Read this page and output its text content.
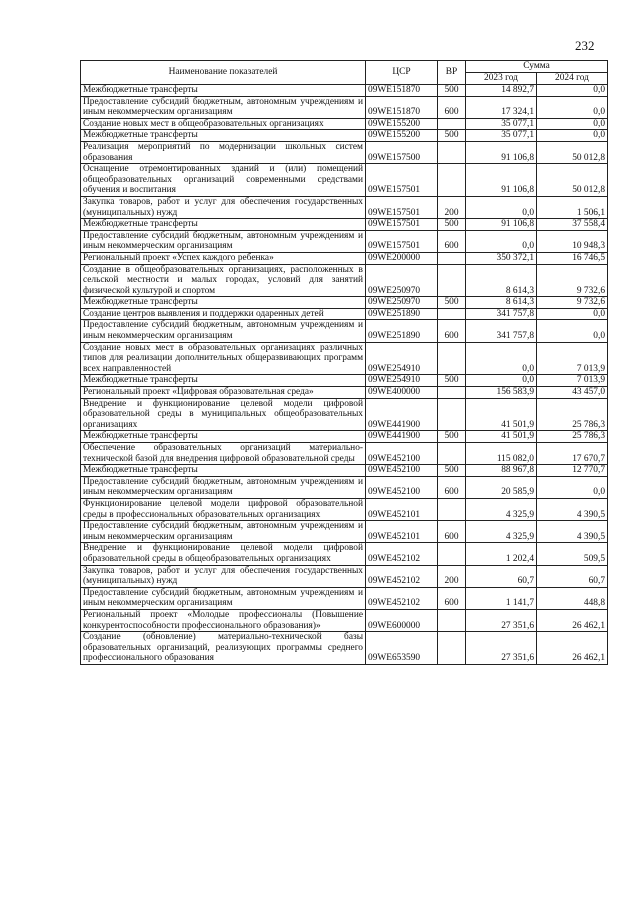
232
Наименование показателей	ЦСР	ВР	Сумма	
			2023 год	2024 год
Межбюджетные трансферты	09WE151870	500	14 892,7	0,0
Предоставление субсидий бюджетным, автономным учреждениям и иным некоммерческим организациям	09WE151870	600	17 324,1	0,0
Создание новых мест в общеобразовательных организациях	09WE155200		35 077,1	0,0
Межбюджетные трансферты	09WE155200	500	35 077,1	0,0
Реализация мероприятий по модернизации школьных систем образования	09WE157500		91 106,8	50 012,8
Оснащение отремонтированных зданий и (или) помещений общеобразовательных организаций современными средствами обучения и воспитания	09WE157501		91 106,8	50 012,8
Закупка товаров, работ и услуг для обеспечения государственных (муниципальных) нужд	09WE157501	200	0,0	1 506,1
Межбюджетные трансферты	09WE157501	500	91 106,8	37 558,4
Предоставление субсидий бюджетным, автономным учреждениям и иным некоммерческим организациям	09WE157501	600	0,0	10 948,3
Региональный проект «Успех каждого ребенка»	09WE200000		350 372,1	16 746,5
Создание в общеобразовательных организациях, расположенных в сельской местности и малых городах, условий для занятий физической культурой и спортом	09WE250970		8 614,3	9 732,6
Межбюджетные трансферты	09WE250970	500	8 614,3	9 732,6
Создание центров выявления и поддержки одаренных детей	09WE251890		341 757,8	0,0
Предоставление субсидий бюджетным, автономным учреждениям и иным некоммерческим организациям	09WE251890	600	341 757,8	0,0
Создание новых мест в образовательных организациях различных типов для реализации дополнительных общеразвивающих программ всех направленностей	09WE254910		0,0	7 013,9
Межбюджетные трансферты	09WE254910	500	0,0	7 013,9
Региональный проект «Цифровая образовательная среда»	09WE400000		156 583,9	43 457,0
Внедрение и функционирование целевой модели цифровой образовательной среды в муниципальных общеобразовательных организациях	09WE441900		41 501,9	25 786,3
Межбюджетные трансферты	09WE441900	500	41 501,9	25 786,3
Обеспечение образовательных организаций материально-технической базой для внедрения цифровой образовательной среды	09WE452100		115 082,0	17 670,7
Межбюджетные трансферты	09WE452100	500	88 967,8	12 770,7
Предоставление субсидий бюджетным, автономным учреждениям и иным некоммерческим организациям	09WE452100	600	20 585,9	0,0
Функционирование целевой модели цифровой образовательной среды в профессиональных образовательных организациях	09WE452101		4 325,9	4 390,5
Предоставление субсидий бюджетным, автономным учреждениям и иным некоммерческим организациям	09WE452101	600	4 325,9	4 390,5
Внедрение и функционирование целевой модели цифровой образовательной среды в общеобразовательных организациях	09WE452102		1 202,4	509,5
Закупка товаров, работ и услуг для обеспечения государственных (муниципальных) нужд	09WE452102	200	60,7	60,7
Предоставление субсидий бюджетным, автономным учреждениям и иным некоммерческим организациям	09WE452102	600	1 141,7	448,8
Региональный проект «Молодые профессионалы (Повышение конкурентоспособности профессионального образования)»	09WE600000		27 351,6	26 462,1
Создание (обновление) материально-технической базы образовательных организаций, реализующих программы среднего профессионального образования	09WE653590		27 351,6	26 462,1
